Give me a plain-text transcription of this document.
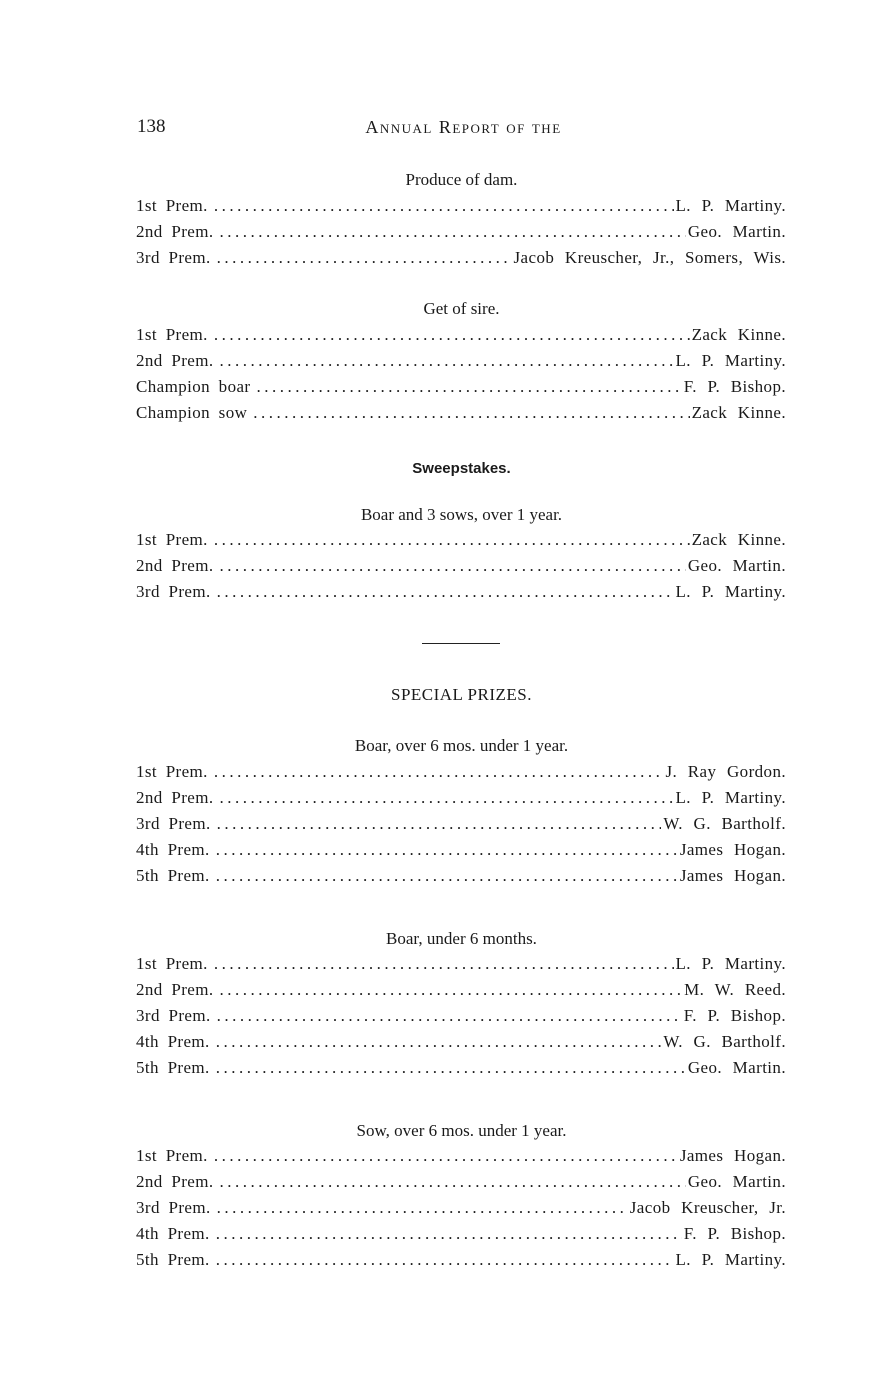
138	Annual Report of the
Produce of dam.
1st Prem. .....	L. P. Martiny.
2nd Prem. .....	Geo. Martin.
3rd Prem. .....	Jacob Kreuscher, Jr., Somers, Wis.
Get of sire.
1st Prem. .....	Zack Kinne.
2nd Prem. .....	L. P. Martiny.
Champion boar .....	F. P. Bishop.
Champion sow .....	Zack Kinne.
Sweepstakes.
Boar and 3 sows, over 1 year.
1st Prem. .....	Zack Kinne.
2nd Prem. .....	Geo. Martin.
3rd Prem. .....	L. P. Martiny.
SPECIAL PRIZES.
Boar, over 6 mos. under 1 year.
1st Prem. .....	J. Ray Gordon.
2nd Prem. .....	L. P. Martiny.
3rd Prem. .....	W. G. Bartholf.
4th Prem. .....	James Hogan.
5th Prem. .....	James Hogan.
Boar, under 6 months.
1st Prem. .....	L. P. Martiny.
2nd Prem. .....	M. W. Reed.
3rd Prem. .....	F. P. Bishop.
4th Prem. .....	W. G. Bartholf.
5th Prem. .....	Geo. Martin.
Sow, over 6 mos. under 1 year.
1st Prem. .....	James Hogan.
2nd Prem. .....	Geo. Martin.
3rd Prem. .....	Jacob Kreuscher, Jr.
4th Prem. .....	F. P. Bishop.
5th Prem. .....	L. P. Martiny.
